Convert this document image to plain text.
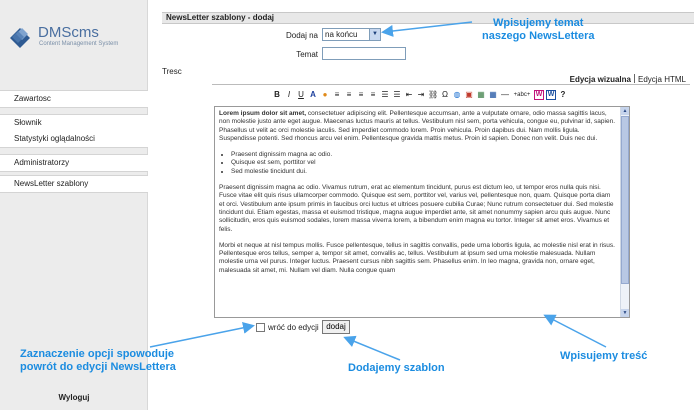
DMScms
Content Management System
Zawartosc
Słownik
Statystyki oglądalności
Administratorzy
NewsLetter szablony
Wyloguj
NewsLetter szablony - dodaj
Dodaj na na końcu	▼
Temat
Tresc
Edycja wizualna Edycja HTML
B I U A ● ≡ ≡ ≡ ≡ ☰ ☰ ⇤ ⇥ ⛓ Ω ◍ ▣ ▦ ▦ — +abc+ W W ?

Lorem ipsum dolor sit amet, consectetuer adipiscing elit. Pellentesque accumsan, ante a vulputate ornare, odio massa sagittis lacus, non molestie justo ante eget augue. Maecenas luctus mauris at tellus. Vestibulum nisl sem, porta vehicula, congue eu, pulvinar id, sapien. Phasellus ut velit ac orci molestie iaculis. Sed imperdiet commodo lorem. Proin vehicula. Proin dapibus dui. Nam mollis ligula. Suspendisse potenti. Sed rhoncus arcu vel enim. Pellentesque gravida mattis metus. Proin id sapien. Donec non velit. Duis nec dui.

• Praesent dignissim magna ac odio.
• Quisque est sem, porttitor vel
• Sed molestie tincidunt dui.

Praesent dignissim magna ac odio. Vivamus rutrum, erat ac elementum tincidunt, purus est dictum leo, ut tempor eros nulla quis nisi. Fusce vitae elit quis risus ullamcorper commodo. Quisque est sem, porttitor vel, varius vel, pellentesque non, quam. Quisque porta diam et orci. Vestibulum ante ipsum primis in faucibus orci luctus et ultrices posuere cubilia Curae; Nunc rutrum consectetuer dui. Sed molestie tincidunt dui. Etiam egestas, massa et euismod tristique, magna augue imperdiet ante, sit amet nonummy sapien arcu quis augue. Nunc sollicitudin, eros quis euismod sodales, lorem massa viverra lorem, a bibendum enim magna eu tortor. Integer sit amet eros. Vivamus et felis.

Morbi et neque at nisl tempus mollis. Fusce pellentesque, tellus in sagittis convallis, pede urna lobortis ligula, ac molestie nisl erat in risus. Pellentesque eros tellus, semper a, tempor sit amet, convallis ac, tellus. Vestibulum at ipsum sed urna molestie malesuada. Nullam molestie urna vel purus. Integer luctus. Praesent cursus nibh sagittis sem. Phasellus enim. In leo magna, gravida non, ornare eget, malesuada sit amet, mi. Nullam vel diam. Nulla congue quam

▲
▼
wróć do edycji dodaj
Wpisujemy temat
naszego NewsLettera
Zaznaczenie opcji spowoduje
powrót do edycji NewsLettera	Dodajemy szablon
Wpisujemy treść
